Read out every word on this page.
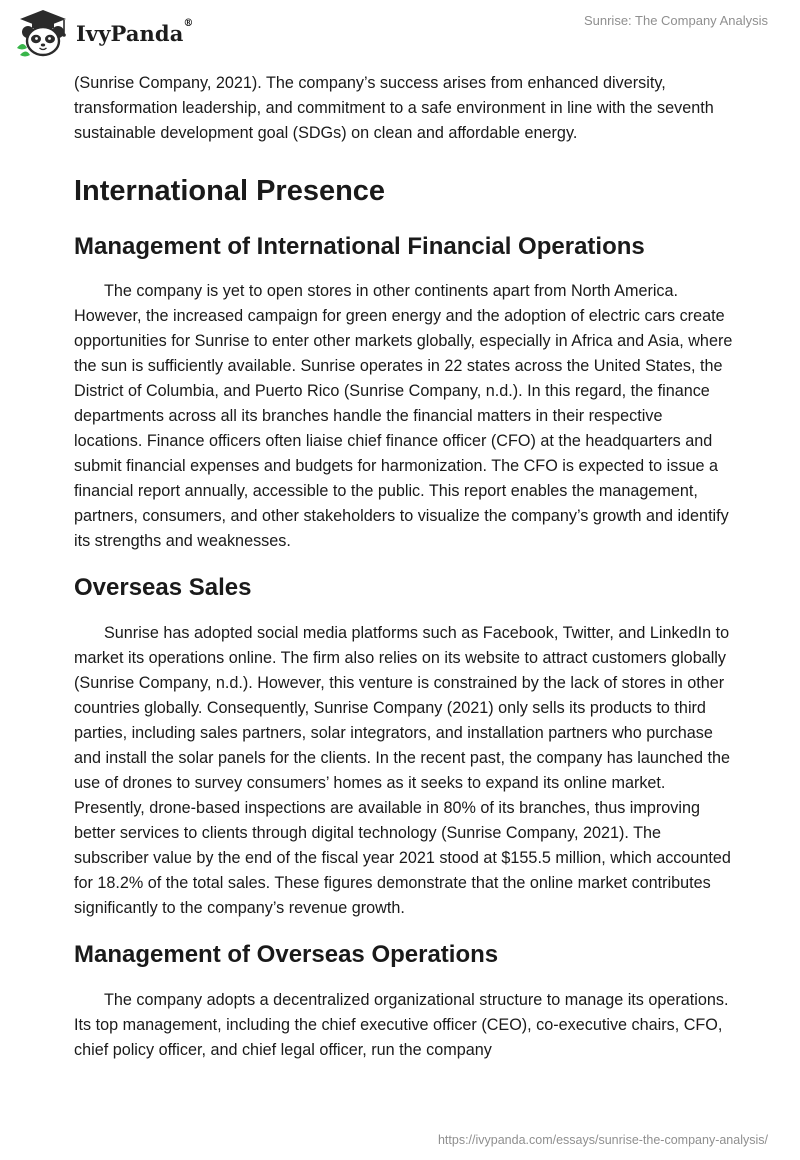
IvyPanda®	Sunrise: The Company Analysis

(Sunrise Company, 2021). The company’s success arises from enhanced diversity, transformation leadership, and commitment to a safe environment in line with the seventh sustainable development goal (SDGs) on clean and affordable energy.

International Presence
Management of International Financial Operations

The company is yet to open stores in other continents apart from North America. However, the increased campaign for green energy and the adoption of electric cars create opportunities for Sunrise to enter other markets globally, especially in Africa and Asia, where the sun is sufficiently available. Sunrise operates in 22 states across the United States, the District of Columbia, and Puerto Rico (Sunrise Company, n.d.). In this regard, the finance departments across all its branches handle the financial matters in their respective locations. Finance officers often liaise chief finance officer (CFO) at the headquarters and submit financial expenses and budgets for harmonization. The CFO is expected to issue a financial report annually, accessible to the public. This report enables the management, partners, consumers, and other stakeholders to visualize the company’s growth and identify its strengths and weaknesses.

Overseas Sales

Sunrise has adopted social media platforms such as Facebook, Twitter, and LinkedIn to market its operations online. The firm also relies on its website to attract customers globally (Sunrise Company, n.d.). However, this venture is constrained by the lack of stores in other countries globally. Consequently, Sunrise Company (2021) only sells its products to third parties, including sales partners, solar integrators, and installation partners who purchase and install the solar panels for the clients. In the recent past, the company has launched the use of drones to survey consumers’ homes as it seeks to expand its online market. Presently, drone-based inspections are available in 80% of its branches, thus improving better services to clients through digital technology (Sunrise Company, 2021). The subscriber value by the end of the fiscal year 2021 stood at $155.5 million, which accounted for 18.2% of the total sales. These figures demonstrate that the online market contributes significantly to the company’s revenue growth.

Management of Overseas Operations

The company adopts a decentralized organizational structure to manage its operations. Its top management, including the chief executive officer (CEO), co-executive chairs, CFO, chief policy officer, and chief legal officer, run the company

https://ivypanda.com/essays/sunrise-the-company-analysis/
